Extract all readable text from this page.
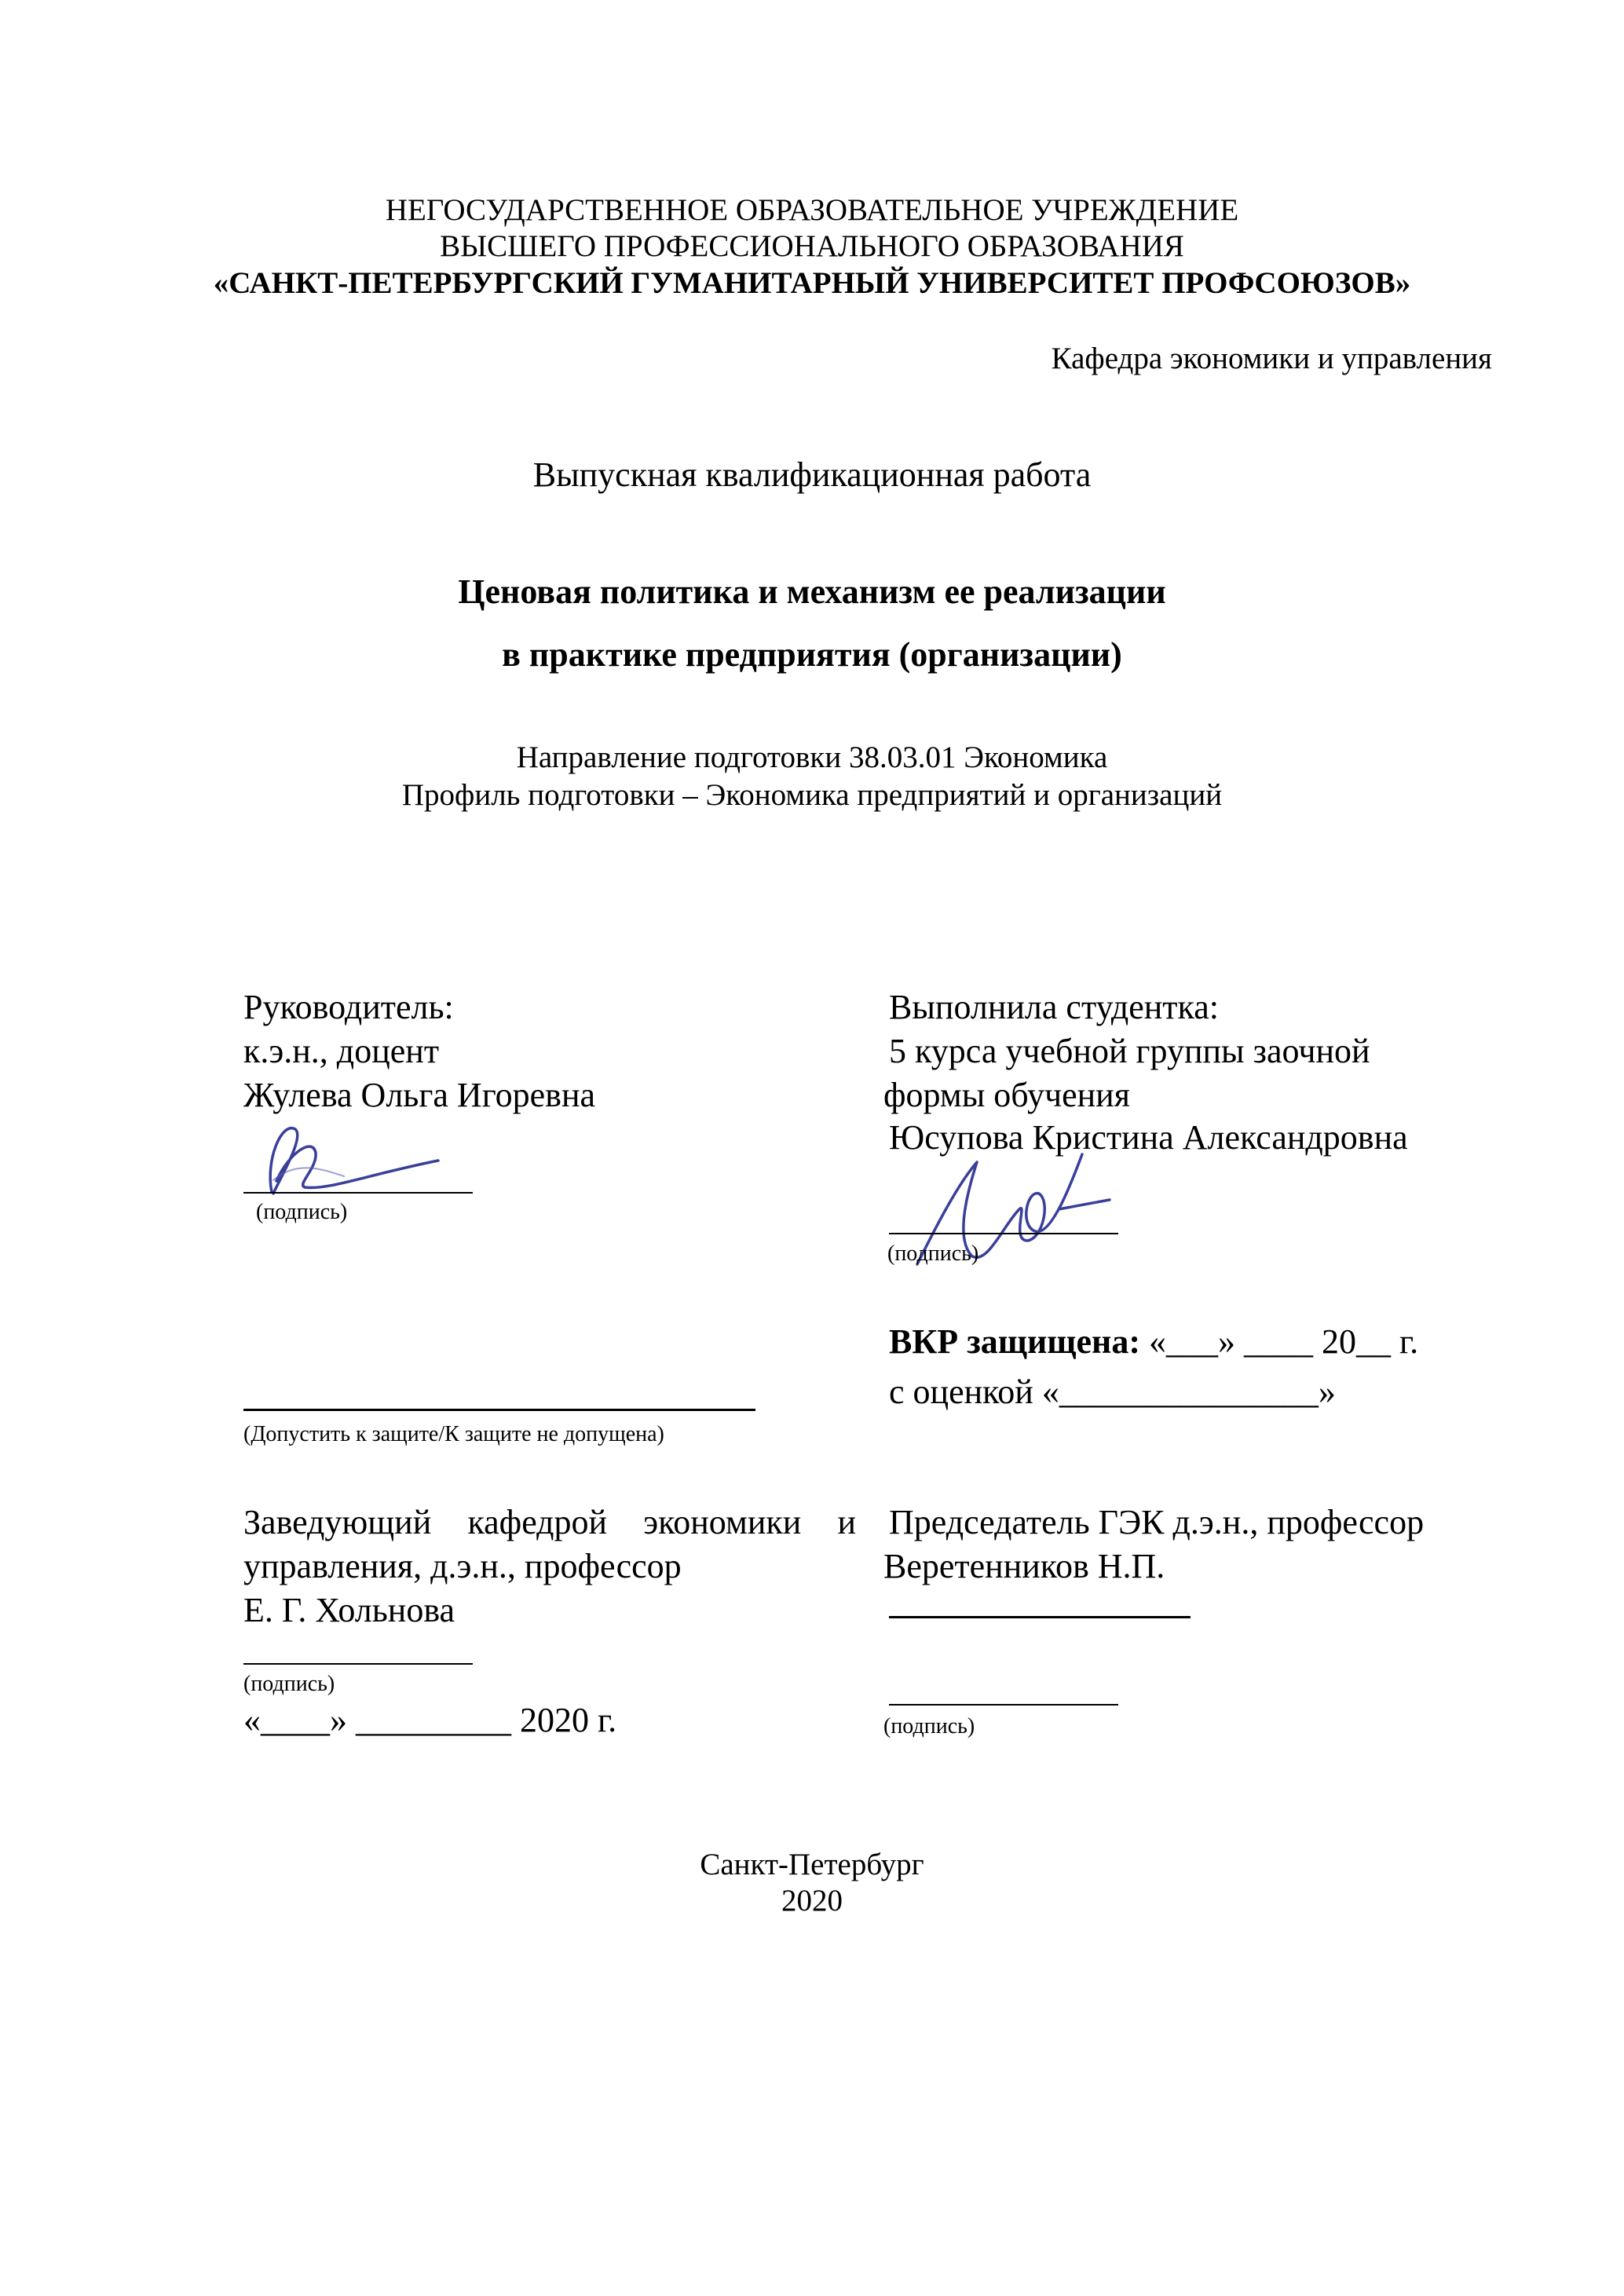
НЕГОСУДАРСТВЕННОЕ ОБРАЗОВАТЕЛЬНОЕ УЧРЕЖДЕНИЕ
ВЫСШЕГО ПРОФЕССИОНАЛЬНОГО ОБРАЗОВАНИЯ
«САНКТ-ПЕТЕРБУРГСКИЙ ГУМАНИТАРНЫЙ УНИВЕРСИТЕТ ПРОФСОЮЗОВ»
Кафедра экономики и управления
Выпускная квалификационная работа
Ценовая политика и механизм ее реализации
в практике предприятия (организации)
Направление подготовки 38.03.01 Экономика
Профиль подготовки – Экономика предприятий и организаций
Руководитель:
к.э.н., доцент
Жулева Ольга Игоревна
(подпись)
Выполнила студентка:
5 курса учебной группы заочной
формы обучения
Юсупова Кристина Александровна
(подпись)
(Допустить к защите/К защите не допущена)
ВКР защищена: «___» ____ 20__ г.
с оценкой «_______________»
Заведующий кафедрой экономики и
управления, д.э.н., профессор
Е. Г. Хольнова
(подпись)
«____» _________ 2020 г.
Председатель ГЭК д.э.н., профессор
Веретенников Н.П.
(подпись)
Санкт-Петербург
2020
